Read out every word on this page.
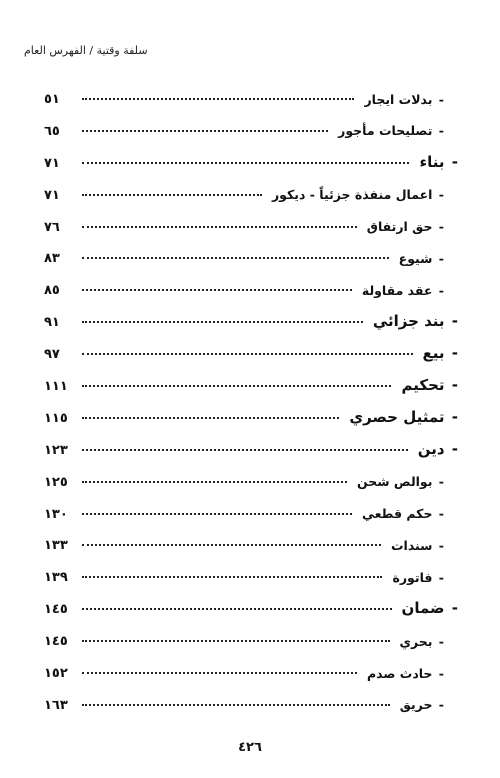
سلفة وقتية / الفهرس العام
- بدلات ايجار
٥١
- تصليحات مأجور
٦٥
- بناء
٧١
- اعمال منفذة جزئياً - ديكور
٧١
- حق ارتفاق
٧٦
- شيوع
٨٣
- عقد مقاولة
٨٥
- بند جزائي
٩١
- بيع
٩٧
- تحكيم
١١١
- تمثيل حصري
١١٥
- دين
١٢٣
- بوالص شحن
١٢٥
- حكم قطعي
١٣٠
- سندات
١٣٣
- فاتورة
١٣٩
- ضمان
١٤٥
- بحري
١٤٥
- حادث صدم
١٥٢
- حريق
١٦٣
٤٢٦
